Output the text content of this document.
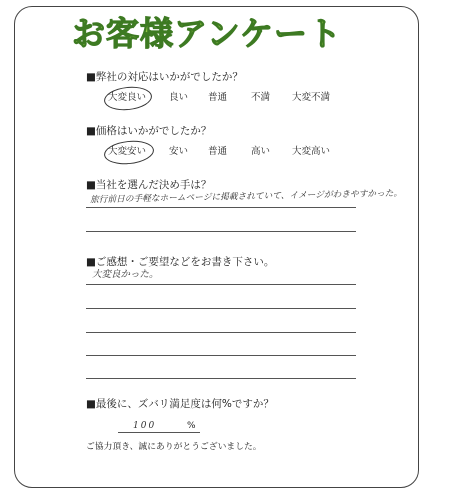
お客様アンケート
■弊社の対応はいかがでしたか？
大変良い 良い 普通	不満 大変不満
■価格はいかがでしたか？
大変安い 安い 普通	高い 大変高い
■当社を選んだ決め手は？
旅行前日の手軽なホームページに掲載されていて、イメージがわきやすかった。
■ご感想・ご要望などをお書き下さい。
大変良かった。
■最後に、ズバリ満足度は何%ですか？
100	%
ご協力頂き、誠にありがとうございました。
